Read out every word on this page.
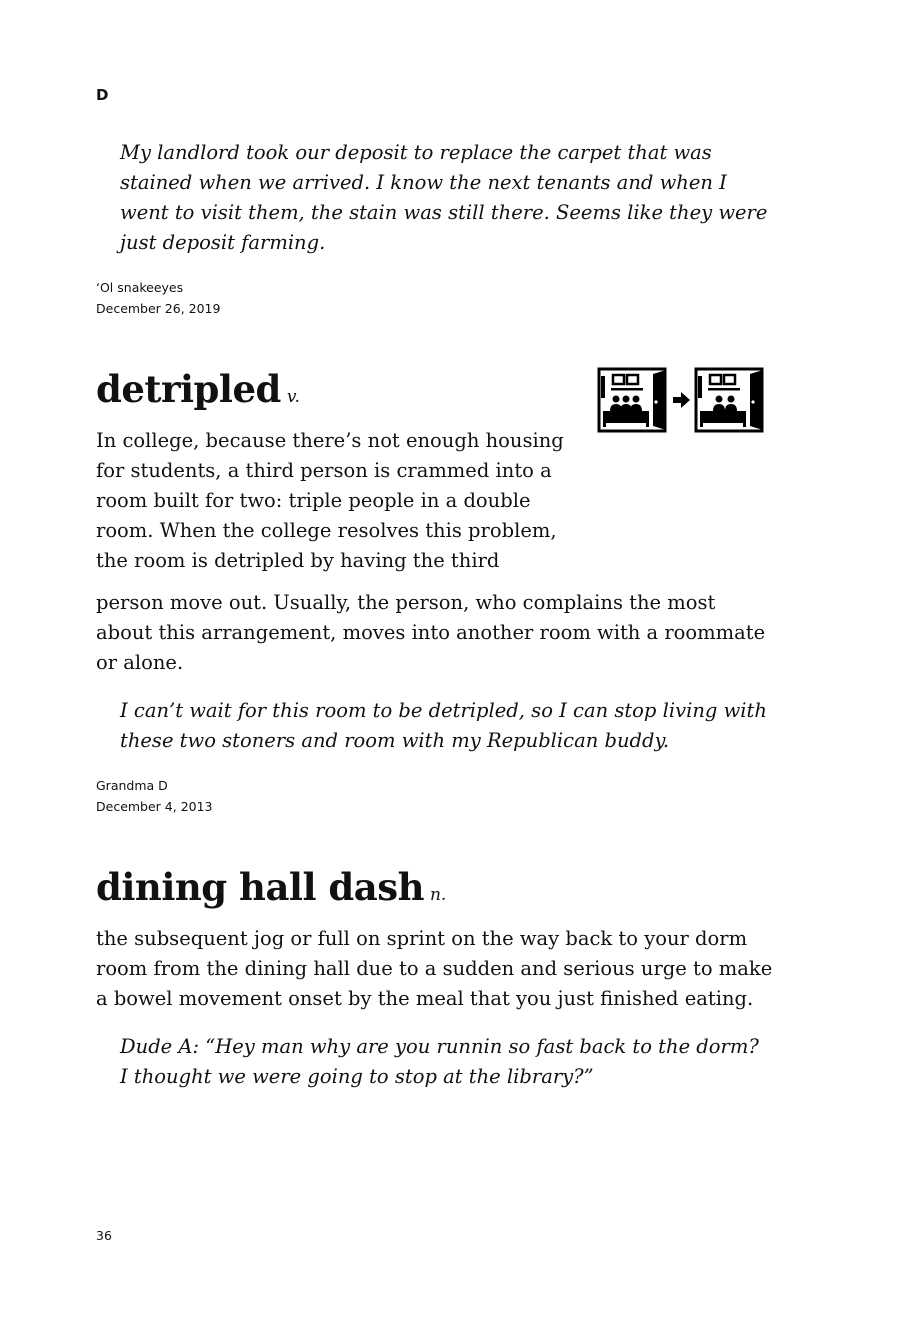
D
My landlord took our deposit to replace the carpet that was stained when we arrived. I know the next tenants and when I went to visit them, the stain was still there. Seems like they were just deposit farming.
‘Ol snakeeyes
December 26, 2019
detripled v.
In college, because there’s not enough housing
for students, a third person is crammed into a
room built for two: triple people in a double
room. When the college resolves this problem,
the room is detripled by having the third
person move out. Usually, the person, who complains the most
about this arrangement, moves into another room with a roommate
or alone.
I can’t wait for this room to be detripled, so I can stop living with these two stoners and room with my Republican buddy.
Grandma D
December 4, 2013
dining hall dash n.
the subsequent jog or full on sprint on the way back to your dorm
room from the dining hall due to a sudden and serious urge to make
a bowel movement onset by the meal that you just finished eating.
Dude A: “Hey man why are you runnin so fast back to the dorm? I thought we were going to stop at the library?”
36
